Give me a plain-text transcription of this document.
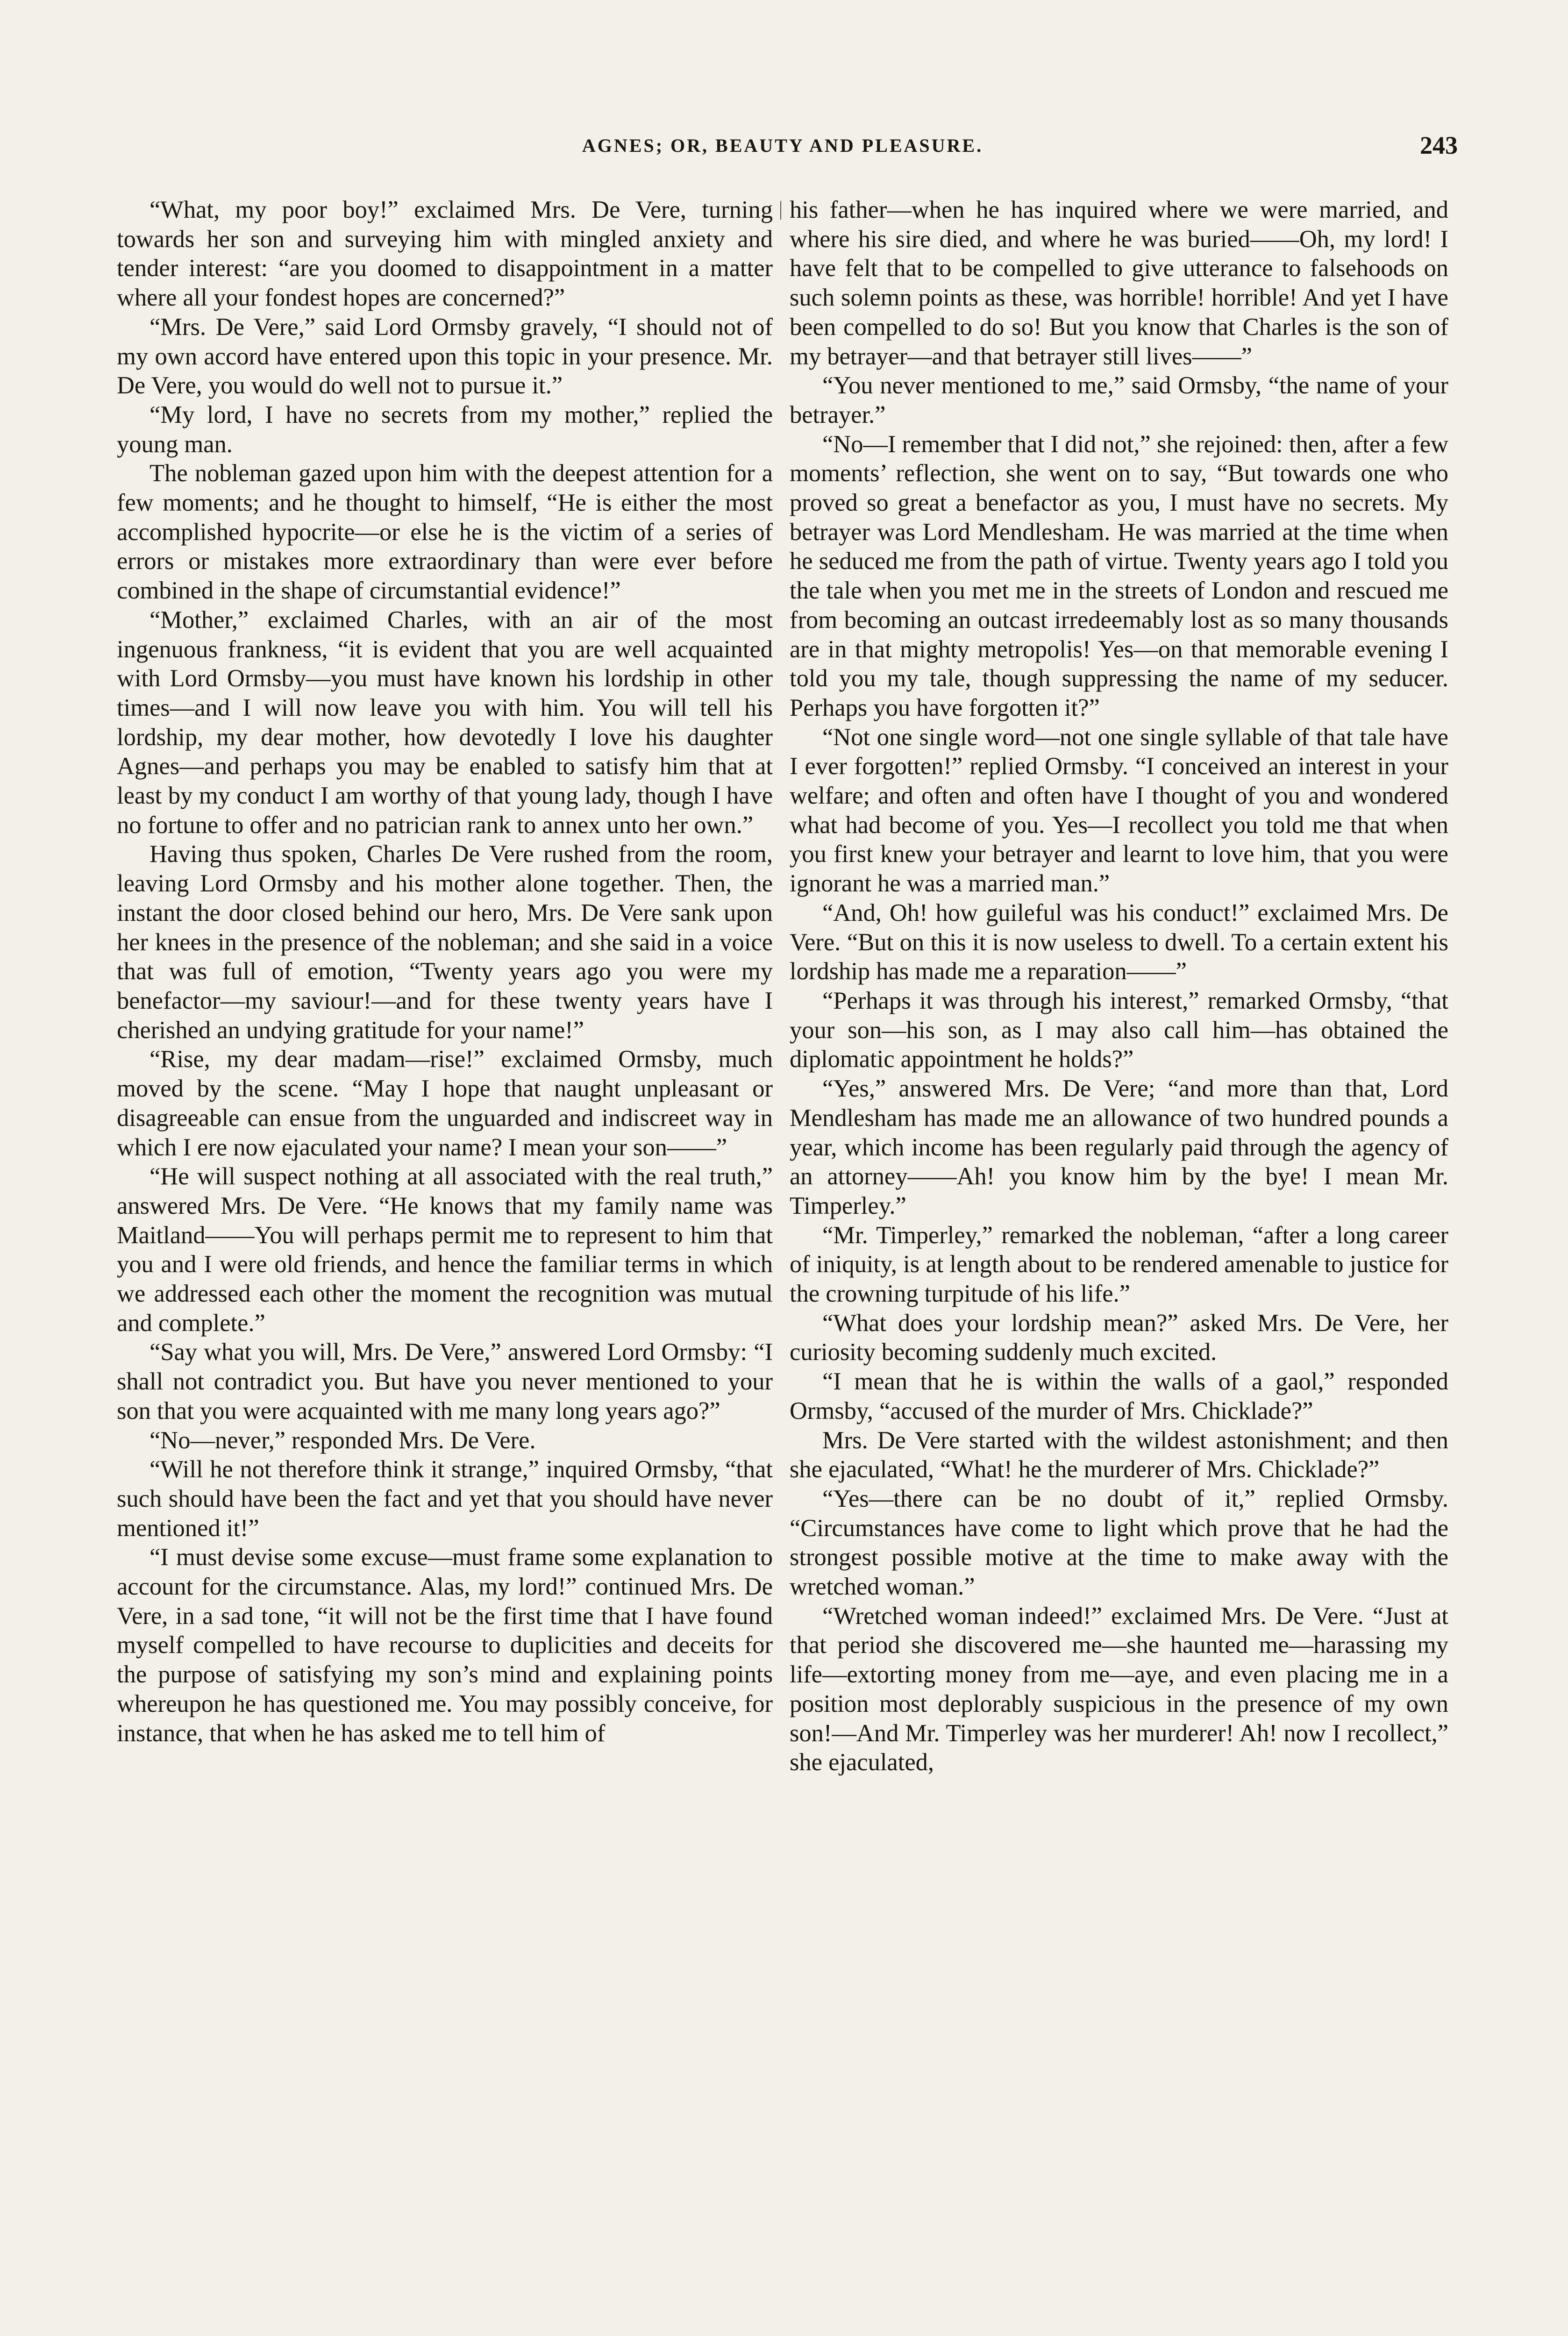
AGNES; OR, BEAUTY AND PLEASURE.	243

“What, my poor boy!” exclaimed Mrs. De Vere, turning towards her son and surveying him with mingled anxiety and tender interest: “are you doomed to disappointment in a matter where all your fondest hopes are concerned?”

“Mrs. De Vere,” said Lord Ormsby gravely, “I should not of my own accord have entered upon this topic in your presence. Mr. De Vere, you would do well not to pursue it.”

“My lord, I have no secrets from my mother,” replied the young man.

The nobleman gazed upon him with the deepest attention for a few moments; and he thought to himself, “He is either the most accomplished hypocrite—or else he is the victim of a series of errors or mistakes more extraordinary than were ever before combined in the shape of circumstantial evidence!”

“Mother,” exclaimed Charles, with an air of the most ingenuous frankness, “it is evident that you are well acquainted with Lord Ormsby—you must have known his lordship in other times—and I will now leave you with him. You will tell his lordship, my dear mother, how devotedly I love his daughter Agnes—and perhaps you may be enabled to satisfy him that at least by my conduct I am worthy of that young lady, though I have no fortune to offer and no patrician rank to annex unto her own.”

Having thus spoken, Charles De Vere rushed from the room, leaving Lord Ormsby and his mother alone together. Then, the instant the door closed behind our hero, Mrs. De Vere sank upon her knees in the presence of the nobleman; and she said in a voice that was full of emotion, “Twenty years ago you were my benefactor—my saviour!—and for these twenty years have I cherished an undying gratitude for your name!”

“Rise, my dear madam—rise!” exclaimed Ormsby, much moved by the scene. “May I hope that naught unpleasant or disagreeable can ensue from the unguarded and indiscreet way in which I ere now ejaculated your name? I mean your son——”

“He will suspect nothing at all associated with the real truth,” answered Mrs. De Vere. “He knows that my family name was Maitland——You will perhaps permit me to represent to him that you and I were old friends, and hence the familiar terms in which we addressed each other the moment the recognition was mutual and complete.”

“Say what you will, Mrs. De Vere,” answered Lord Ormsby: “I shall not contradict you. But have you never mentioned to your son that you were acquainted with me many long years ago?”

“No—never,” responded Mrs. De Vere.

“Will he not therefore think it strange,” inquired Ormsby, “that such should have been the fact and yet that you should have never mentioned it!”

“I must devise some excuse—must frame some explanation to account for the circumstance. Alas, my lord!” continued Mrs. De Vere, in a sad tone, “it will not be the first time that I have found myself compelled to have recourse to duplicities and deceits for the purpose of satisfying my son’s mind and explaining points whereupon he has questioned me. You may possibly conceive, for instance, that when he has asked me to tell him of

his father—when he has inquired where we were married, and where his sire died, and where he was buried——Oh, my lord! I have felt that to be compelled to give utterance to falsehoods on such solemn points as these, was horrible! horrible! And yet I have been compelled to do so! But you know that Charles is the son of my betrayer—and that betrayer still lives——”

“You never mentioned to me,” said Ormsby, “the name of your betrayer.”

“No—I remember that I did not,” she rejoined: then, after a few moments’ reflection, she went on to say, “But towards one who proved so great a benefactor as you, I must have no secrets. My betrayer was Lord Mendlesham. He was married at the time when he seduced me from the path of virtue. Twenty years ago I told you the tale when you met me in the streets of London and rescued me from becoming an outcast irredeemably lost as so many thousands are in that mighty metropolis! Yes—on that memorable evening I told you my tale, though suppressing the name of my seducer. Perhaps you have forgotten it?”

“Not one single word—not one single syllable of that tale have I ever forgotten!” replied Ormsby. “I conceived an interest in your welfare; and often and often have I thought of you and wondered what had become of you. Yes—I recollect you told me that when you first knew your betrayer and learnt to love him, that you were ignorant he was a married man.”

“And, Oh! how guileful was his conduct!” exclaimed Mrs. De Vere. “But on this it is now useless to dwell. To a certain extent his lordship has made me a reparation——”

“Perhaps it was through his interest,” remarked Ormsby, “that your son—his son, as I may also call him—has obtained the diplomatic appointment he holds?”

“Yes,” answered Mrs. De Vere; “and more than that, Lord Mendlesham has made me an allowance of two hundred pounds a year, which income has been regularly paid through the agency of an attorney——Ah! you know him by the bye! I mean Mr. Timperley.”

“Mr. Timperley,” remarked the nobleman, “after a long career of iniquity, is at length about to be rendered amenable to justice for the crowning turpitude of his life.”

“What does your lordship mean?” asked Mrs. De Vere, her curiosity becoming suddenly much excited.

“I mean that he is within the walls of a gaol,” responded Ormsby, “accused of the murder of Mrs. Chicklade?”

Mrs. De Vere started with the wildest astonishment; and then she ejaculated, “What! he the murderer of Mrs. Chicklade?”

“Yes—there can be no doubt of it,” replied Ormsby. “Circumstances have come to light which prove that he had the strongest possible motive at the time to make away with the wretched woman.”

“Wretched woman indeed!” exclaimed Mrs. De Vere. “Just at that period she discovered me—she haunted me—harassing my life—extorting money from me—aye, and even placing me in a position most deplorably suspicious in the presence of my own son!—And Mr. Timperley was her murderer! Ah! now I recollect,” she ejaculated,
